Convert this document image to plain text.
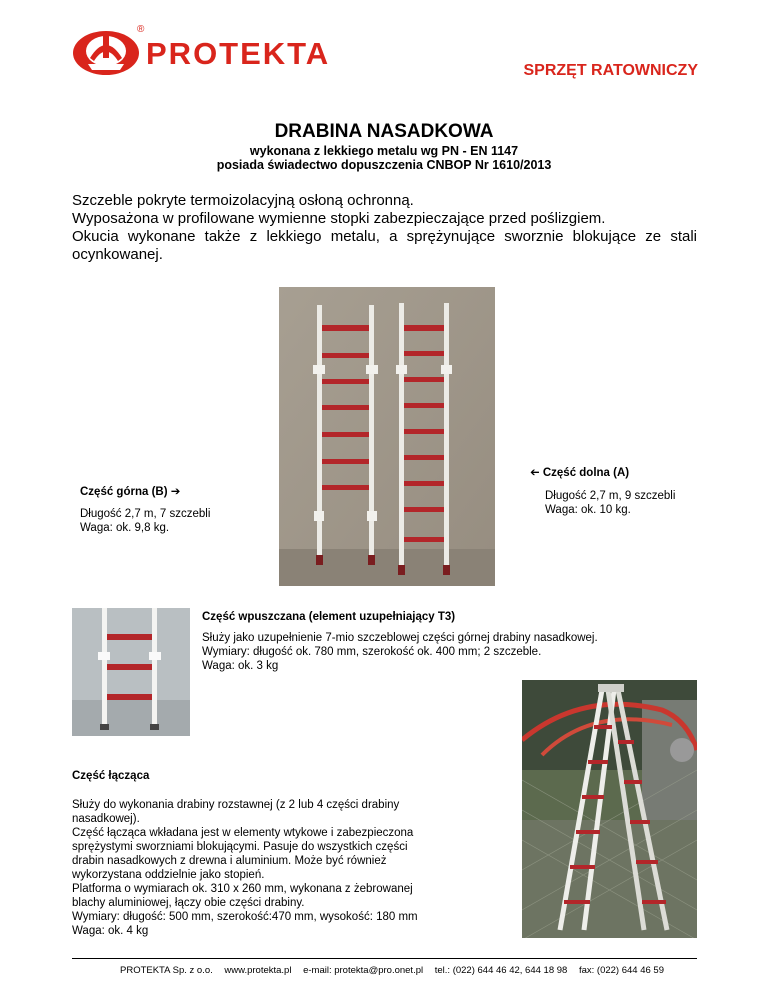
PROTEKTA
®
SPRZĘT RATOWNICZY
DRABINA NASADKOWA
wykonana z lekkiego metalu wg PN - EN 1147
posiada świadectwo dopuszczenia CNBOP Nr 1610/2013
Szczeble pokryte termoizolacyjną osłoną ochronną.
Wyposażona w profilowane wymienne stopki zabezpieczające przed poślizgiem.
Okucia wykonane także z lekkiego metalu, a sprężynujące sworznie blokujące ze stali ocynkowanej.
Część górna (B) ➔
Długość 2,7 m, 7 szczebli
Waga: ok. 9,8 kg.
➔ Część dolna (A)
Długość 2,7 m, 9 szczebli
Waga: ok. 10 kg.
Część wpuszczana (element uzupełniający T3)
Służy jako uzupełnienie 7-mio szczeblowej części górnej drabiny nasadkowej.
Wymiary: długość ok. 780 mm, szerokość ok. 400 mm; 2 szczeble.
Waga: ok. 3 kg
Część łącząca
Służy do wykonania drabiny rozstawnej (z 2 lub 4 części drabiny nasadkowej).
Część łącząca wkładana jest w elementy wtykowe i zabezpieczona sprężystymi sworzniami blokującymi. Pasuje do wszystkich części drabin nasadkowych z drewna i aluminium. Może być również wykorzystana oddzielnie jako stopień.
Platforma o wymiarach ok. 310 x 260 mm, wykonana z żebrowanej blachy aluminiowej, łączy obie części drabiny.
Wymiary: długość: 500 mm, szerokość:470 mm, wysokość: 180 mm
Waga: ok. 4 kg
PROTEKTA Sp. z o.o. www.protekta.pl e-mail: protekta@pro.onet.pl tel.: (022) 644 46 42, 644 18 98 fax: (022) 644 46 59
